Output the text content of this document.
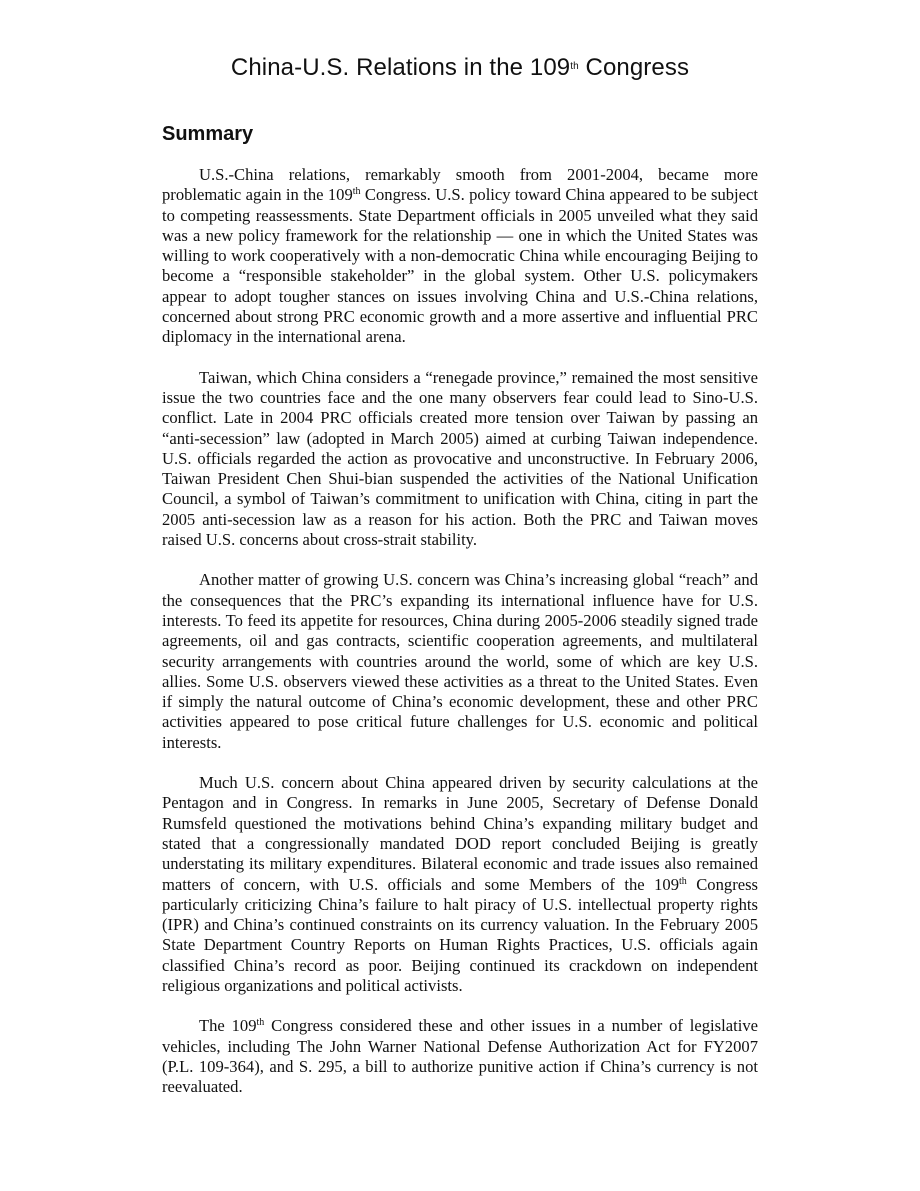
China-U.S. Relations in the 109th Congress
Summary

U.S.-China relations, remarkably smooth from 2001-2004, became more problematic again in the 109th Congress. U.S. policy toward China appeared to be subject to competing reassessments. State Department officials in 2005 unveiled what they said was a new policy framework for the relationship — one in which the United States was willing to work cooperatively with a non-democratic China while encouraging Beijing to become a “responsible stakeholder” in the global system. Other U.S. policymakers appear to adopt tougher stances on issues involving China and U.S.-China relations, concerned about strong PRC economic growth and a more assertive and influential PRC diplomacy in the international arena.

Taiwan, which China considers a “renegade province,” remained the most sensitive issue the two countries face and the one many observers fear could lead to Sino-U.S. conflict. Late in 2004 PRC officials created more tension over Taiwan by passing an “anti-secession” law (adopted in March 2005) aimed at curbing Taiwan independence. U.S. officials regarded the action as provocative and unconstructive. In February 2006, Taiwan President Chen Shui-bian suspended the activities of the National Unification Council, a symbol of Taiwan’s commitment to unification with China, citing in part the 2005 anti-secession law as a reason for his action. Both the PRC and Taiwan moves raised U.S. concerns about cross-strait stability.

Another matter of growing U.S. concern was China’s increasing global “reach” and the consequences that the PRC’s expanding its international influence have for U.S. interests. To feed its appetite for resources, China during 2005-2006 steadily signed trade agreements, oil and gas contracts, scientific cooperation agreements, and multilateral security arrangements with countries around the world, some of which are key U.S. allies. Some U.S. observers viewed these activities as a threat to the United States. Even if simply the natural outcome of China’s economic development, these and other PRC activities appeared to pose critical future challenges for U.S. economic and political interests.

Much U.S. concern about China appeared driven by security calculations at the Pentagon and in Congress. In remarks in June 2005, Secretary of Defense Donald Rumsfeld questioned the motivations behind China’s expanding military budget and stated that a congressionally mandated DOD report concluded Beijing is greatly understating its military expenditures. Bilateral economic and trade issues also remained matters of concern, with U.S. officials and some Members of the 109th Congress particularly criticizing China’s failure to halt piracy of U.S. intellectual property rights (IPR) and China’s continued constraints on its currency valuation. In the February 2005 State Department Country Reports on Human Rights Practices, U.S. officials again classified China’s record as poor. Beijing continued its crackdown on independent religious organizations and political activists.

The 109th Congress considered these and other issues in a number of legislative vehicles, including The John Warner National Defense Authorization Act for FY2007 (P.L. 109-364), and S. 295, a bill to authorize punitive action if China’s currency is not reevaluated.
